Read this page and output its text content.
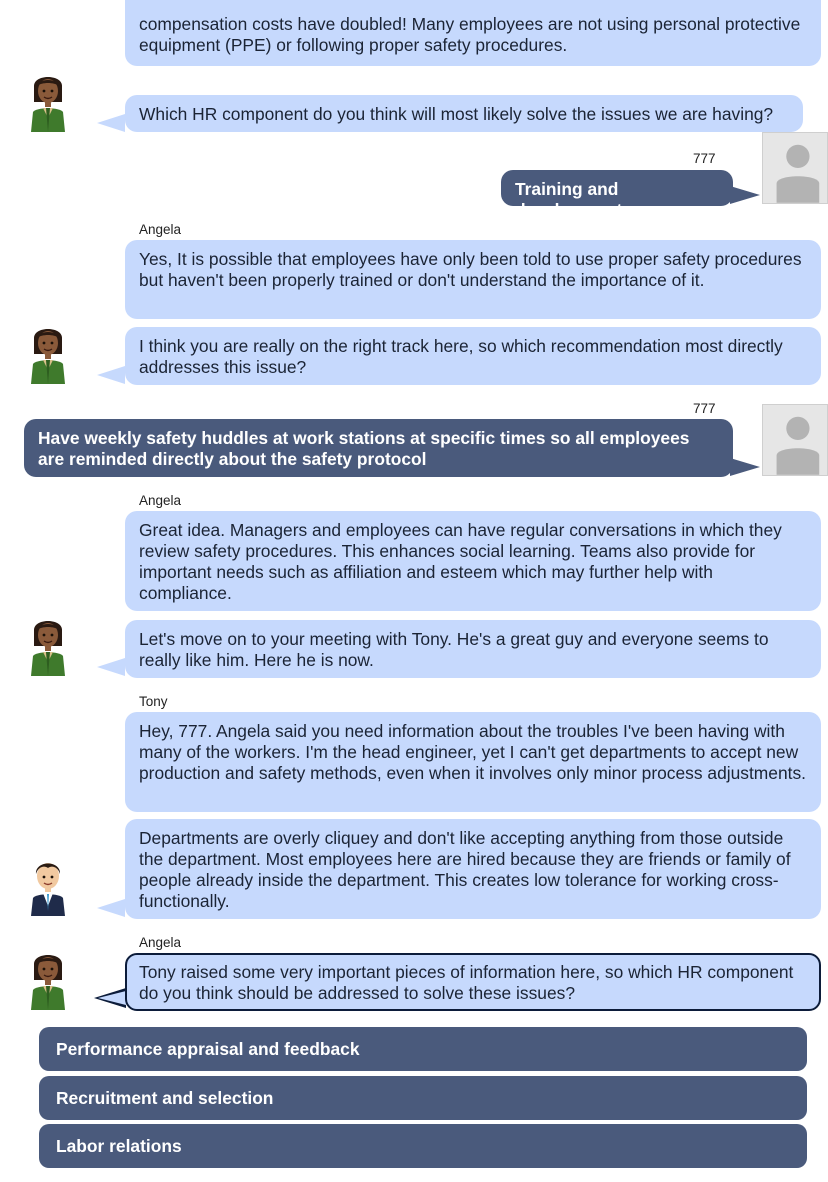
compensation costs have doubled! Many employees are not using personal protective equipment (PPE) or following proper safety procedures.
Which HR component do you think will most likely solve the issues we are having?
777
Training and development
Angela
Yes, It is possible that employees have only been told to use proper safety procedures but haven't been properly trained or don't understand the importance of it.
I think you are really on the right track here, so which recommendation most directly addresses this issue?
777
Have weekly safety huddles at work stations at specific times so all employees are reminded directly about the safety protocol
Angela
Great idea. Managers and employees can have regular conversations in which they review safety procedures. This enhances social learning. Teams also provide for important needs such as affiliation and esteem which may further help with compliance.
Let's move on to your meeting with Tony. He's a great guy and everyone seems to really like him. Here he is now.
Tony
Hey, 777. Angela said you need information about the troubles I've been having with many of the workers. I'm the head engineer, yet I can't get departments to accept new production and safety methods, even when it involves only minor process adjustments.
Departments are overly cliquey and don't like accepting anything from those outside the department. Most employees here are hired because they are friends or family of people already inside the department. This creates low tolerance for working cross-functionally.
Angela
Tony raised some very important pieces of information here, so which HR component do you think should be addressed to solve these issues?
Performance appraisal and feedback
Recruitment and selection
Labor relations
